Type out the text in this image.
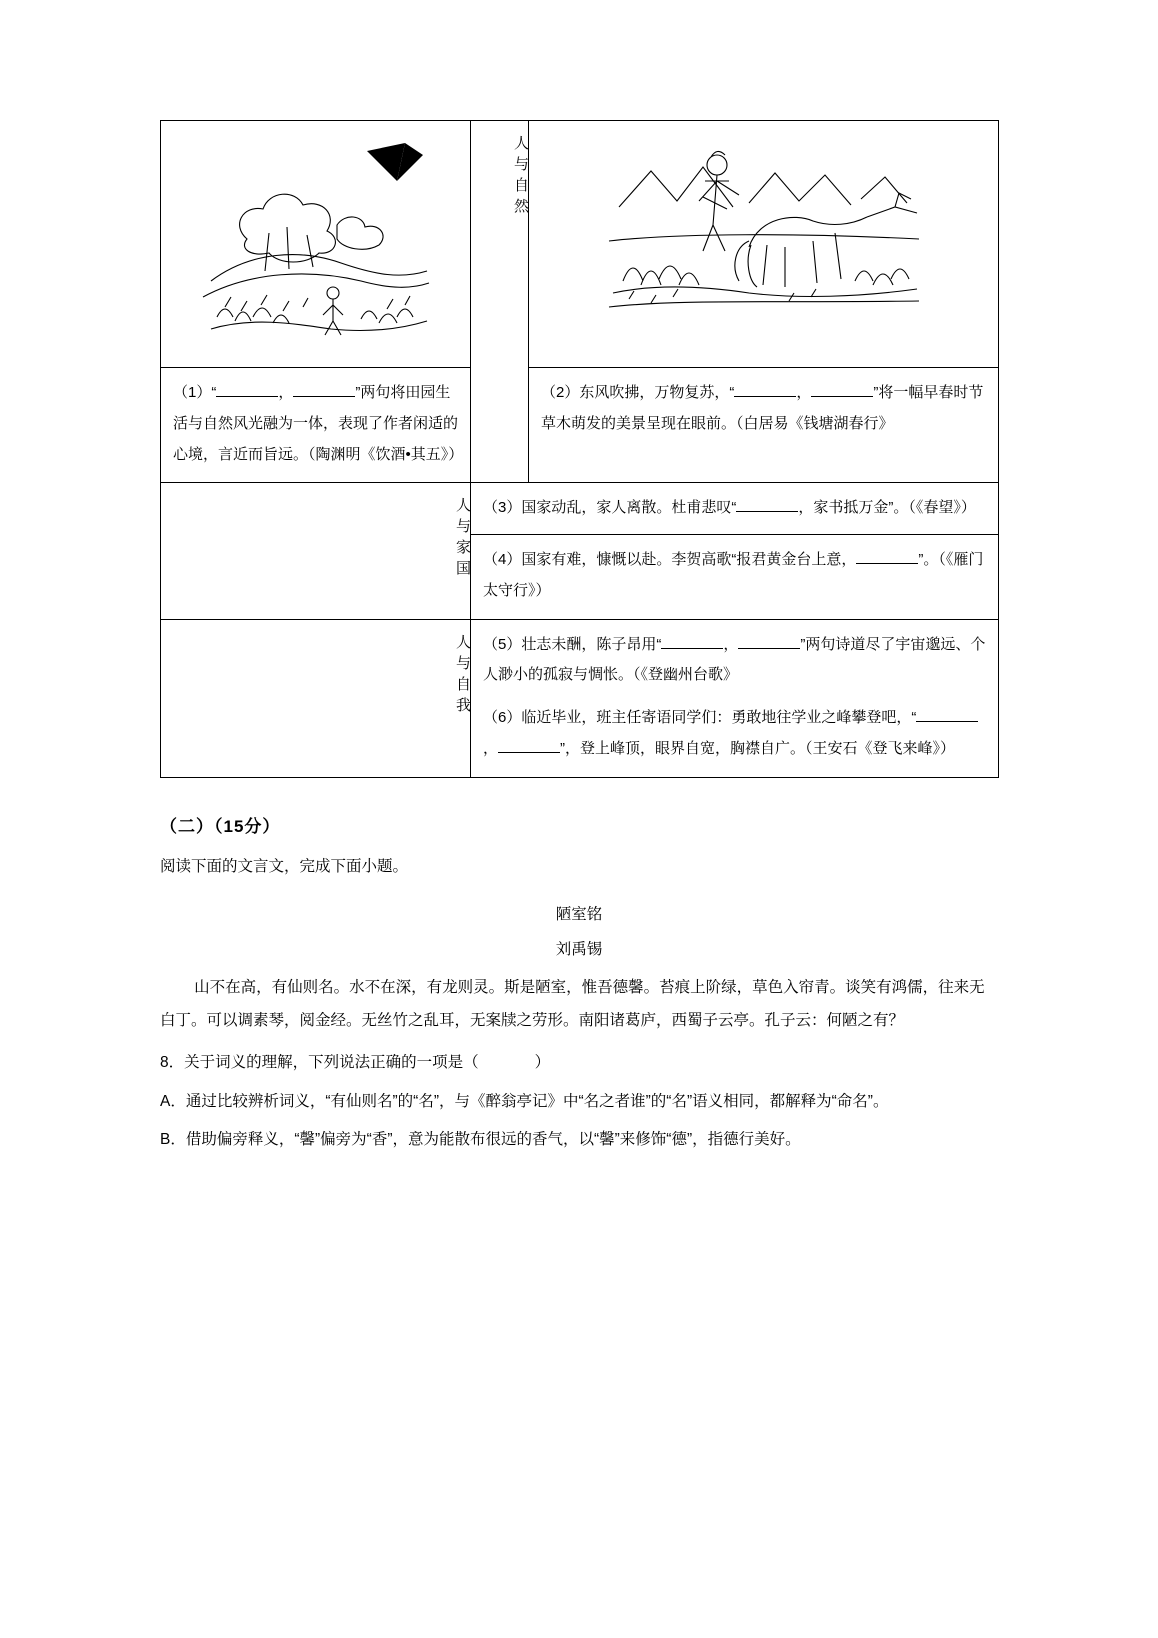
人与自然

（1）“ ， ”两句将田园生活与自然风光融为一体，表现了作者闲适的心境，言近而旨远。（陶渊明《饮酒•其五》）		（2）东风吹拂，万物复苏，“ ， ”将一幅早春时节草木萌发的美景呈现在眼前。（白居易《钱塘湖春行》

人与家国	（3）国家动乱，家人离散。杜甫悲叹“ ，家书抵万金”。（《春望》）
（4）国家有难，慷慨以赴。李贺高歌“报君黄金台上意， ”。（《雁门太守行》）	

人与自我	（5）壮志未酬，陈子昂用“ ， ”两句诗道尽了宇宙邈远、个人渺小的孤寂与惆怅。（《登幽州台歌》
（6）临近毕业，班主任寄语同学们：勇敢地往学业之峰攀登吧，“， ”，登上峰顶，眼界自宽，胸襟自广。（王安石《登飞来峰》）	
（二）（15分）
阅读下面的文言文，完成下面小题。
陋室铭
刘禹锡
山不在高，有仙则名。水不在深，有龙则灵。斯是陋室，惟吾德馨。苔痕上阶绿，草色入帘青。谈笑有鸿儒，往来无白丁。可以调素琴，阅金经。无丝竹之乱耳，无案牍之劳形。南阳诸葛庐，西蜀子云亭。孔子云：何陋之有？
8．关于词义的理解，下列说法正确的一项是（	）
A．通过比较辨析词义，“有仙则名”的“名”，与《醉翁亭记》中“名之者谁”的“名”语义相同，都解释为“命名”。
B．借助偏旁释义，“馨”偏旁为“香”，意为能散布很远的香气，以“馨”来修饰“德”，指德行美好。
